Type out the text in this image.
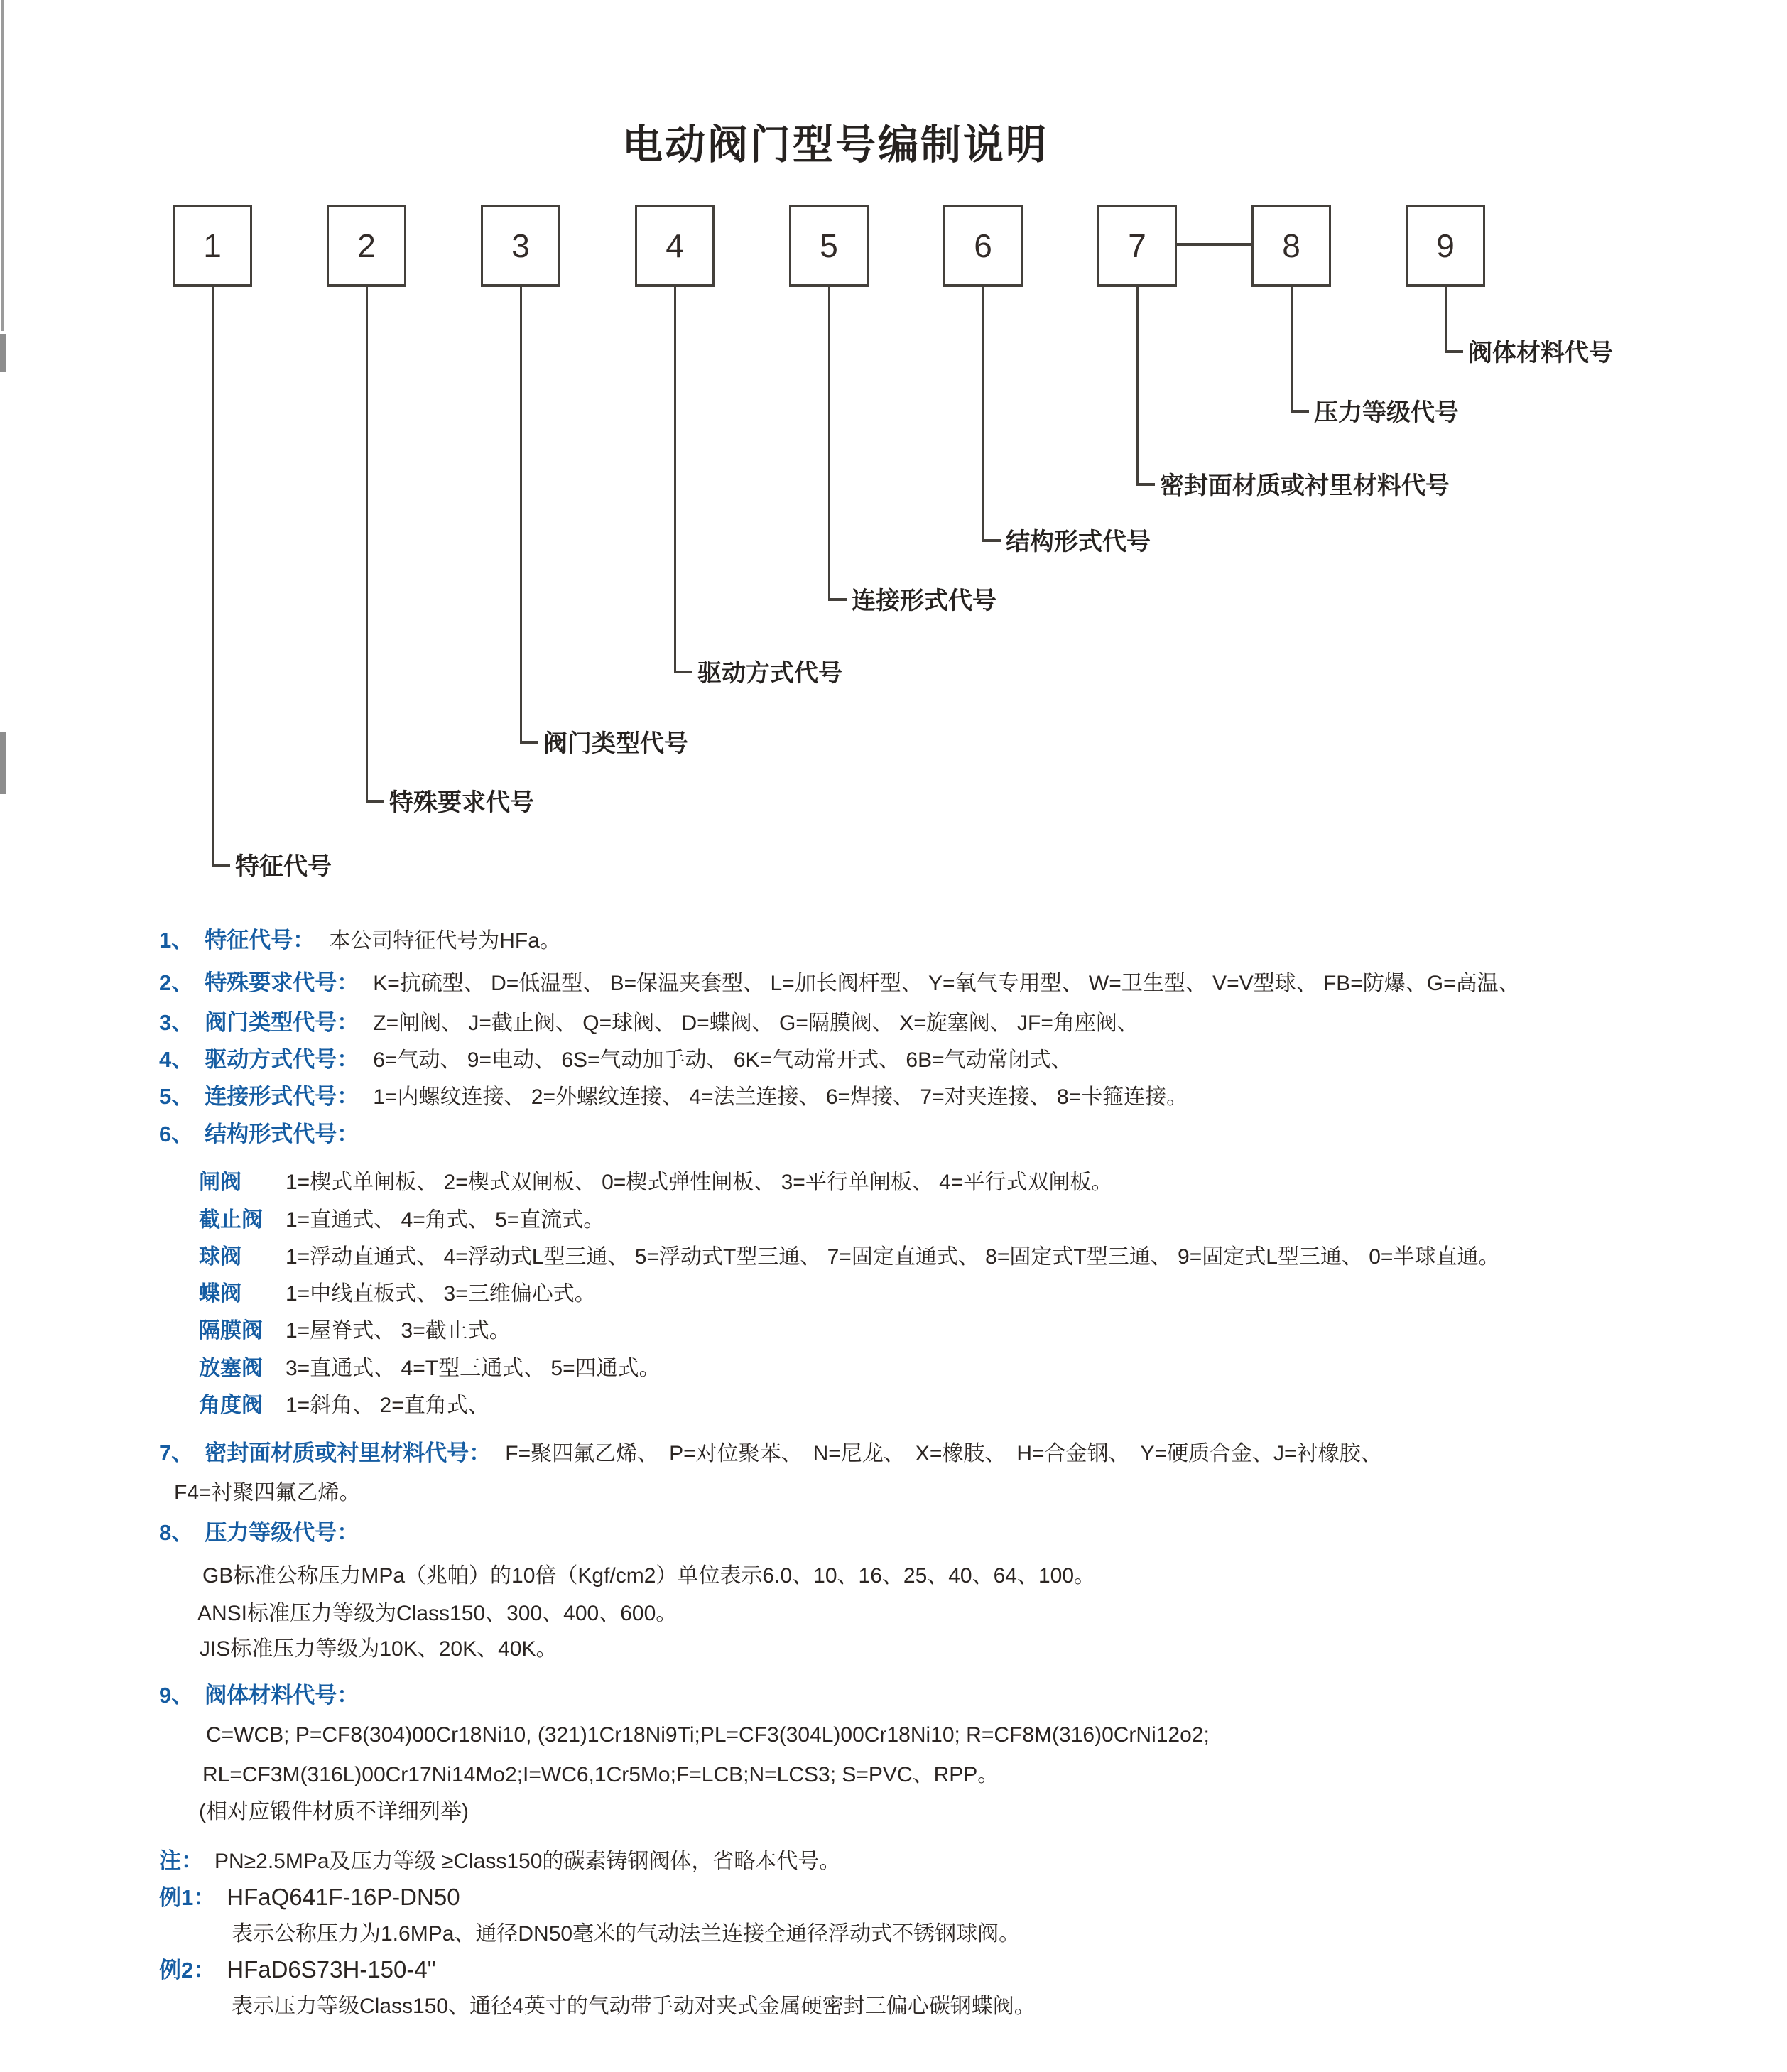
电动阀门型号编制说明
1	2	3	4	5	6	7	8	9
阀体材料代号
压力等级代号
密封面材质或衬里材料代号
结构形式代号
连接形式代号
驱动方式代号
阀门类型代号
特殊要求代号
特征代号
1、 特征代号： 本公司特征代号为HFa。
2、 特殊要求代号： K=抗硫型、 D=低温型、 B=保温夹套型、 L=加长阀杆型、 Y=氧气专用型、 W=卫生型、 V=V型球、 FB=防爆、G=高温、
3、 阀门类型代号： Z=闸阀、 J=截止阀、 Q=球阀、 D=蝶阀、 G=隔膜阀、 X=旋塞阀、 JF=角座阀、
4、 驱动方式代号： 6=气动、 9=电动、 6S=气动加手动、 6K=气动常开式、 6B=气动常闭式、
5、 连接形式代号： 1=内螺纹连接、 2=外螺纹连接、 4=法兰连接、 6=焊接、 7=对夹连接、 8=卡箍连接。
6、 结构形式代号：
闸阀 1=楔式单闸板、 2=楔式双闸板、 0=楔式弹性闸板、 3=平行单闸板、 4=平行式双闸板。
截止阀 1=直通式、 4=角式、 5=直流式。
球阀 1=浮动直通式、 4=浮动式L型三通、 5=浮动式T型三通、 7=固定直通式、 8=固定式T型三通、 9=固定式L型三通、 0=半球直通。
蝶阀 1=中线直板式、 3=三维偏心式。
隔膜阀 1=屋脊式、 3=截止式。
放塞阀 3=直通式、 4=T型三通式、 5=四通式。
角度阀 1=斜角、 2=直角式、
7、 密封面材质或衬里材料代号： F=聚四氟乙烯、　P=对位聚苯、　N=尼龙、　X=橡肢、　H=合金钢、　Y=硬质合金、J=衬橡胶、
F4=衬聚四氟乙烯。
8、 压力等级代号：
GB标准公称压力MPa（兆帕）的10倍（Kgf/cm2）单位表示6.0、10、16、25、40、64、100。
ANSI标准压力等级为Class150、300、400、600。
JIS标准压力等级为10K、20K、40K。
9、 阀体材料代号：
C=WCB; P=CF8(304)00Cr18Ni10, (321)1Cr18Ni9Ti;PL=CF3(304L)00Cr18Ni10; R=CF8M(316)0CrNi12o2;
RL=CF3M(316L)00Cr17Ni14Mo2;I=WC6,1Cr5Mo;F=LCB;N=LCS3; S=PVC、RPP。
(相对应锻件材质不详细列举)
注： PN≥2.5MPa及压力等级 ≥Class150的碳素铸钢阀体，省略本代号。
例1： HFaQ641F-16P-DN50
表示公称压力为1.6MPa、通径DN50毫米的气动法兰连接全通径浮动式不锈钢球阀。
例2： HFaD6S73H-150-4"
表示压力等级Class150、通径4英寸的气动带手动对夹式金属硬密封三偏心碳钢蝶阀。
